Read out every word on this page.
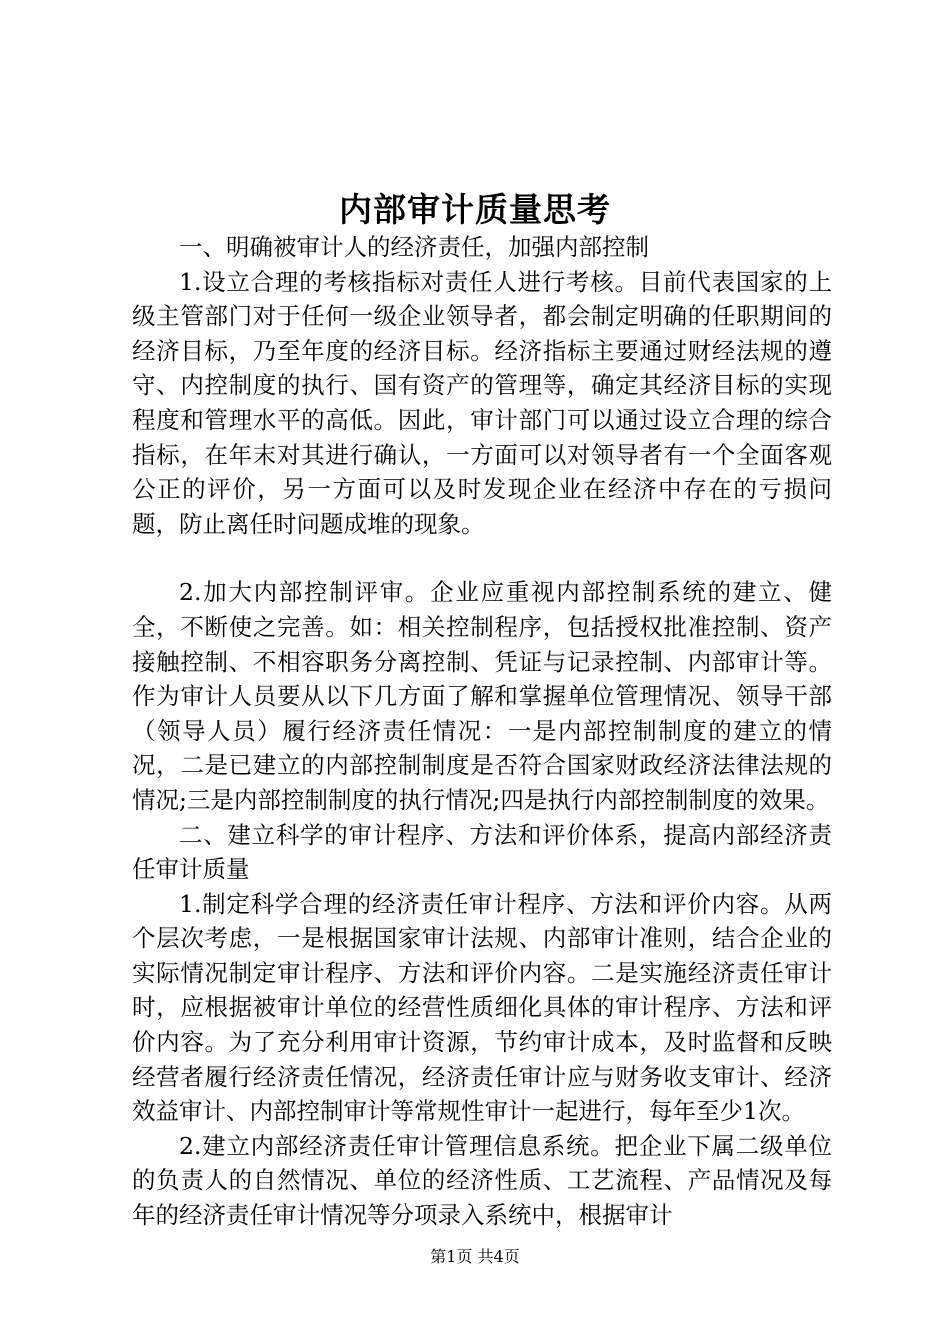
内部审计质量思考

一、明确被审计人的经济责任，加强内部控制

1.设立合理的考核指标对责任人进行考核。目前代表国家的上级主管部门对于任何一级企业领导者，都会制定明确的任职期间的经济目标，乃至年度的经济目标。经济指标主要通过财经法规的遵守、内控制度的执行、国有资产的管理等，确定其经济目标的实现程度和管理水平的高低。因此，审计部门可以通过设立合理的综合指标，在年末对其进行确认，一方面可以对领导者有一个全面客观公正的评价，另一方面可以及时发现企业在经济中存在的亏损问题，防止离任时问题成堆的现象。

2.加大内部控制评审。企业应重视内部控制系统的建立、健全，不断使之完善。如：相关控制程序，包括授权批准控制、资产接触控制、不相容职务分离控制、凭证与记录控制、内部审计等。作为审计人员要从以下几方面了解和掌握单位管理情况、领导干部（领导人员）履行经济责任情况：一是内部控制制度的建立的情况，二是已建立的内部控制制度是否符合国家财政经济法律法规的情况;三是内部控制制度的执行情况;四是执行内部控制制度的效果。

二、建立科学的审计程序、方法和评价体系，提高内部经济责任审计质量

1.制定科学合理的经济责任审计程序、方法和评价内容。从两个层次考虑，一是根据国家审计法规、内部审计准则，结合企业的实际情况制定审计程序、方法和评价内容。二是实施经济责任审计时，应根据被审计单位的经营性质细化具体的审计程序、方法和评价内容。为了充分利用审计资源，节约审计成本，及时监督和反映经营者履行经济责任情况，经济责任审计应与财务收支审计、经济效益审计、内部控制审计等常规性审计一起进行，每年至少1次。

2.建立内部经济责任审计管理信息系统。把企业下属二级单位的负责人的自然情况、单位的经济性质、工艺流程、产品情况及每年的经济责任审计情况等分项录入系统中，根据审计

第1页 共4页
